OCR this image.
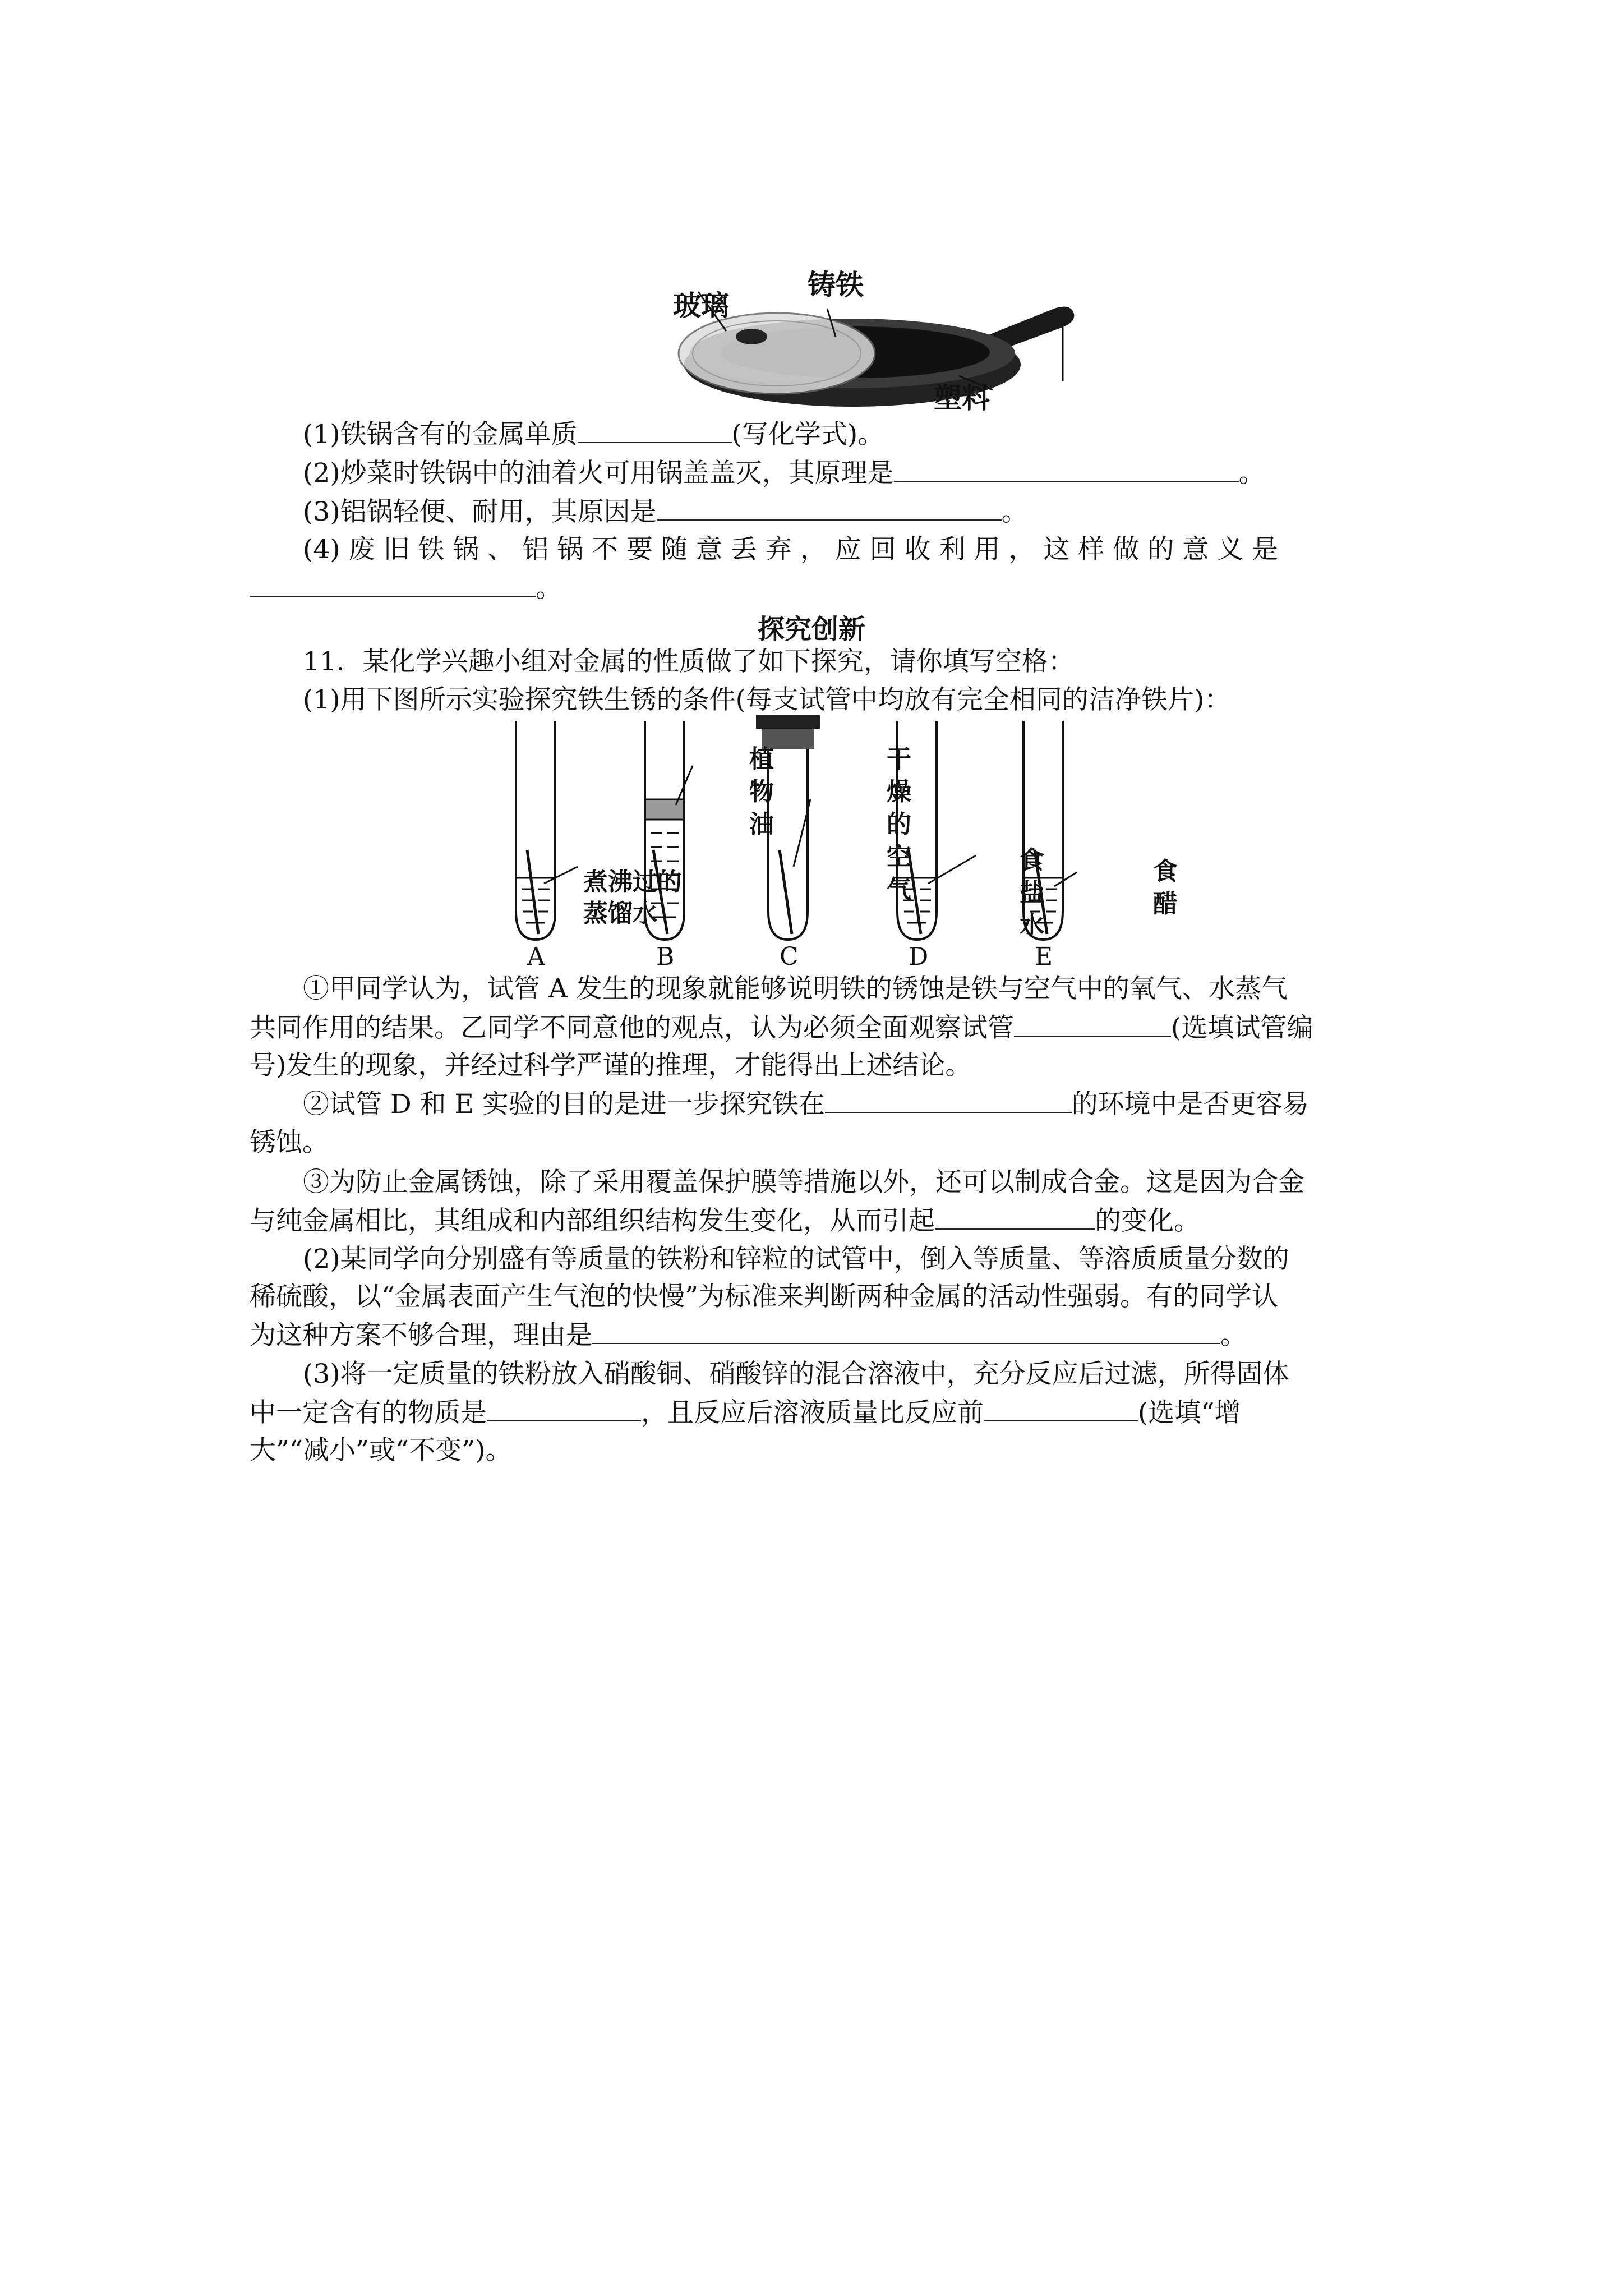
玻璃
铸铁
塑料
(1)铁锅含有的金属单质	(写化学式)。
(2)炒菜时铁锅中的油着火可用锅盖盖灭，其原理是	。
(3)铝锅轻便、耐用，其原因是	。
(4) 废 旧 铁 锅 、 铝 锅 不 要 随 意 丢 弃 ， 应 回 收 利 用 ， 这 样 做 的 意 义 是
。
探究创新
11．某化学兴趣小组对金属的性质做了如下探究，请你填写空格：
(1)用下图所示实验探究铁生锈的条件(每支试管中均放有完全相同的洁净铁片)：
煮沸过的
蒸馏水
植物油
干燥的空气
食盐水
食醋
A	B	C	D	E
①甲同学认为，试管 A 发生的现象就能够说明铁的锈蚀是铁与空气中的氧气、水蒸气
共同作用的结果。乙同学不同意他的观点，认为必须全面观察试管	(选填试管编
号)发生的现象，并经过科学严谨的推理，才能得出上述结论。
②试管 D 和 E 实验的目的是进一步探究铁在	的环境中是否更容易
锈蚀。
③为防止金属锈蚀，除了采用覆盖保护膜等措施以外，还可以制成合金。这是因为合金
与纯金属相比，其组成和内部组织结构发生变化，从而引起	的变化。
(2)某同学向分别盛有等质量的铁粉和锌粒的试管中，倒入等质量、等溶质质量分数的
稀硫酸，以“金属表面产生气泡的快慢”为标准来判断两种金属的活动性强弱。有的同学认
为这种方案不够合理，理由是	。
(3)将一定质量的铁粉放入硝酸铜、硝酸锌的混合溶液中，充分反应后过滤，所得固体
中一定含有的物质是	，且反应后溶液质量比反应前	(选填“增
大”“减小”或“不变”)。
